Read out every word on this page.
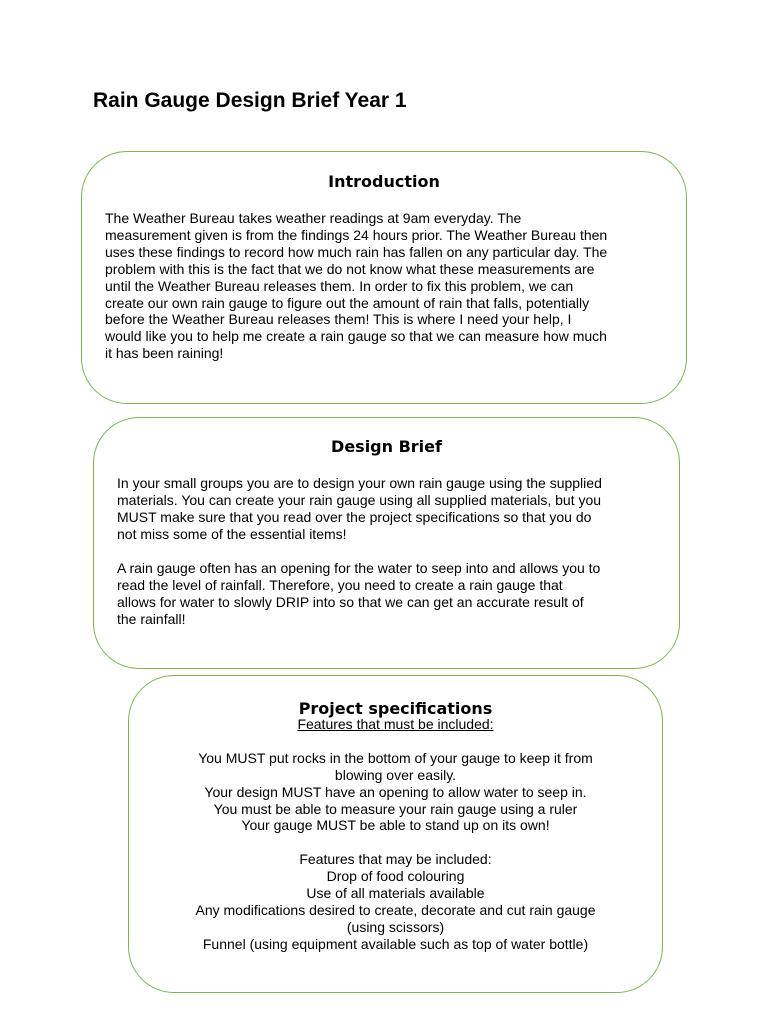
Rain Gauge Design Brief Year 1
Introduction

The Weather Bureau takes weather readings at 9am everyday. The
measurement given is from the findings 24 hours prior. The Weather Bureau then
uses these findings to record how much rain has fallen on any particular day. The
problem with this is the fact that we do not know what these measurements are
until the Weather Bureau releases them. In order to fix this problem, we can
create our own rain gauge to figure out the amount of rain that falls, potentially
before the Weather Bureau releases them! This is where I need your help, I
would like you to help me create a rain gauge so that we can measure how much
it has been raining!

Design Brief

In your small groups you are to design your own rain gauge using the supplied
materials. You can create your rain gauge using all supplied materials, but you
MUST make sure that you read over the project specifications so that you do
not miss some of the essential items!

A rain gauge often has an opening for the water to seep into and allows you to
read the level of rainfall. Therefore, you need to create a rain gauge that
allows for water to slowly DRIP into so that we can get an accurate result of
the rainfall!

Project specifications
Features that must be included:
You MUST put rocks in the bottom of your gauge to keep it from
blowing over easily.
Your design MUST have an opening to allow water to seep in.
You must be able to measure your rain gauge using a ruler
Your gauge MUST be able to stand up on its own!
Features that may be included:
Drop of food colouring
Use of all materials available
Any modifications desired to create, decorate and cut rain gauge
(using scissors)
Funnel (using equipment available such as top of water bottle)
